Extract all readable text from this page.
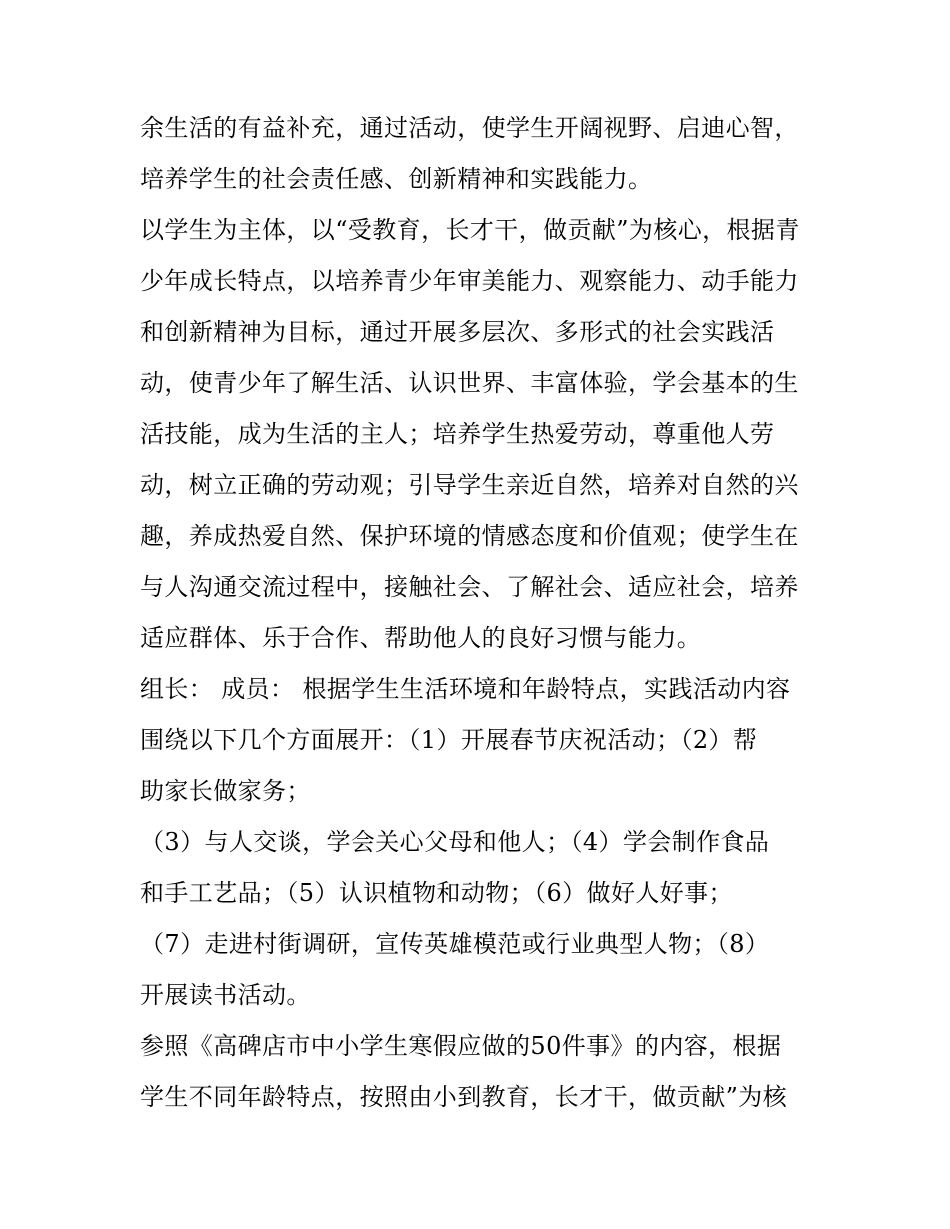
余生活的有益补充，通过活动，使学生开阔视野、启迪心智，
培养学生的社会责任感、创新精神和实践能力。
以学生为主体，以“受教育，长才干，做贡献”为核心，根据青
少年成长特点，以培养青少年审美能力、观察能力、动手能力
和创新精神为目标，通过开展多层次、多形式的社会实践活
动，使青少年了解生活、认识世界、丰富体验，学会基本的生
活技能，成为生活的主人；培养学生热爱劳动，尊重他人劳
动，树立正确的劳动观；引导学生亲近自然，培养对自然的兴
趣，养成热爱自然、保护环境的情感态度和价值观；使学生在
与人沟通交流过程中，接触社会、了解社会、适应社会，培养
适应群体、乐于合作、帮助他人的良好习惯与能力。
组长： 成员： 根据学生生活环境和年龄特点，实践活动内容
围绕以下几个方面展开：（1）开展春节庆祝活动；（2）帮
助家长做家务；
（3）与人交谈，学会关心父母和他人；（4）学会制作食品
和手工艺品；（5）认识植物和动物；（6）做好人好事；
（7）走进村街调研，宣传英雄模范或行业典型人物；（8）
开展读书活动。
参照《高碑店市中小学生寒假应做的50件事》的内容，根据
学生不同年龄特点，按照由小到教育，长才干，做贡献”为核
